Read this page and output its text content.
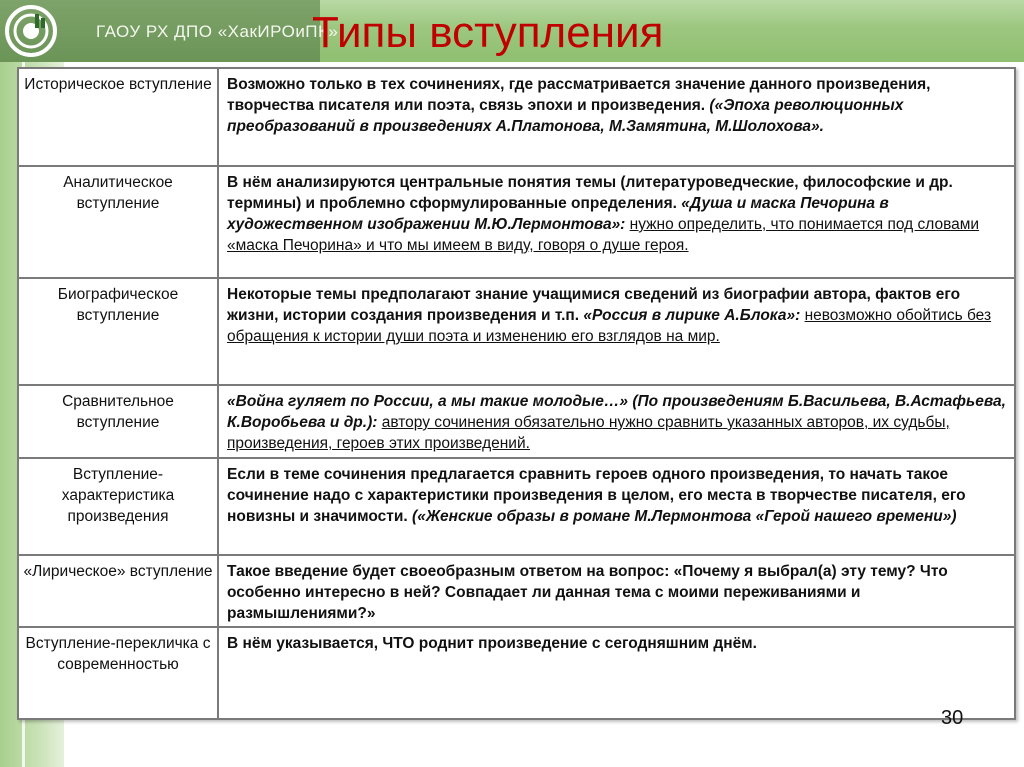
ГАОУ РХ ДПО «ХакИРОиПК»
Типы вступления
Историческое вступление	Возможно только в тех сочинениях, где рассматривается значение данного произведения, творчества писателя или поэта, связь эпохи и произведения. («Эпоха революционных преобразований в произведениях А.Платонова, М.Замятина, М.Шолохова».
Аналитическое вступление	В нём анализируются центральные понятия темы (литературоведческие, философские и др. термины) и проблемно сформулированные определения. «Душа и маска Печорина в художественном изображении М.Ю.Лермонтова»: нужно определить, что понимается под словами «маска Печорина» и что мы имеем в виду, говоря о душе героя.
Биографическое вступление	Некоторые темы предполагают знание учащимися сведений из биографии автора, фактов его жизни, истории создания произведения и т.п. «Россия в лирике А.Блока»: невозможно обойтись без обращения к истории души поэта и изменению его взглядов на мир.
Сравнительное вступление	«Война гуляет по России, а мы такие молодые…» (По произведениям Б.Васильева, В.Астафьева, К.Воробьева и др.): автору сочинения обязательно нужно сравнить указанных авторов, их судьбы, произведения, героев этих произведений.
Вступление-характеристика произведения	Если в теме сочинения предлагается сравнить героев одного произведения, то начать такое сочинение надо с характеристики произведения в целом, его места в творчестве писателя, его новизны и значимости. («Женские образы в романе М.Лермонтова «Герой нашего времени»)
«Лирическое» вступление	Такое введение будет своеобразным ответом на вопрос: «Почему я выбрал(а) эту тему? Что особенно интересно в ней? Совпадает ли данная тема с моими переживаниями и размышлениями?»
Вступление-перекличка с современностью	В нём указывается, ЧТО роднит произведение с сегодняшним днём.
30
